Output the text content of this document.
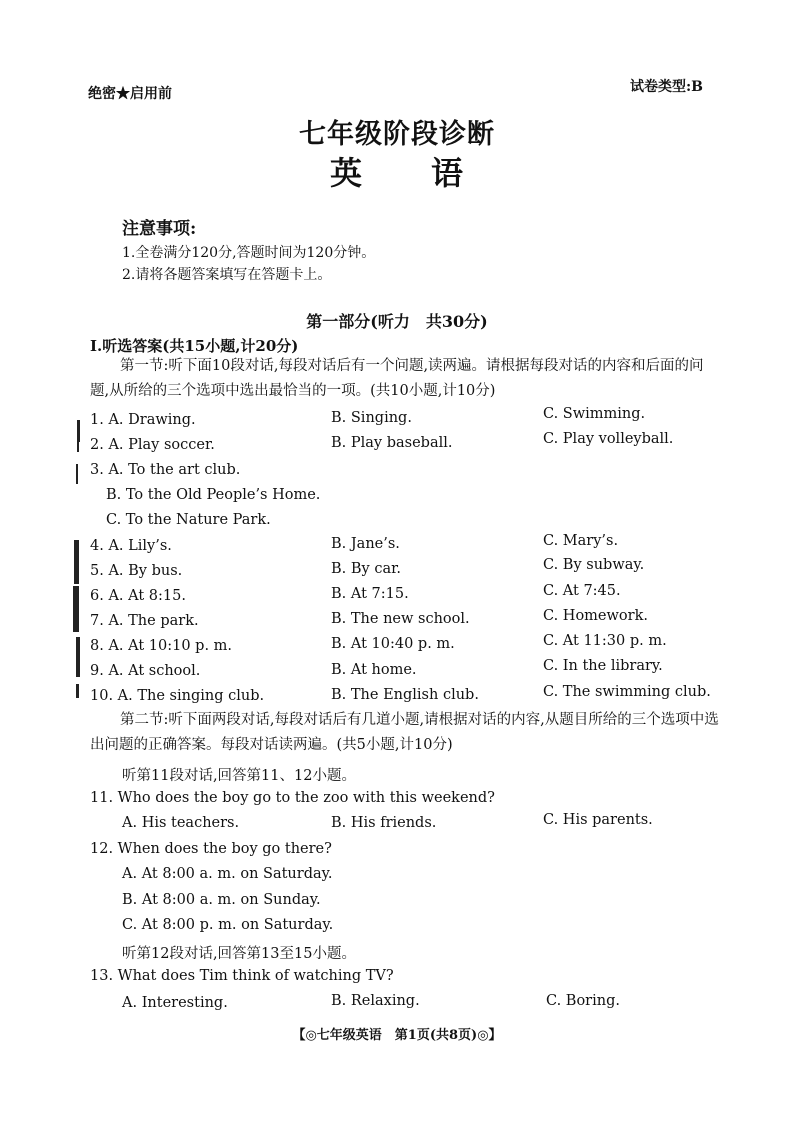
绝密★启用前	试卷类型:B
七年级阶段诊断
英 语
注意事项:
1.全卷满分120分,答题时间为120分钟。
2.请将各题答案填写在答题卡上。
第一部分(听力　共30分)
Ⅰ.听选答案(共15小题,计20分)
第一节:听下面10段对话,每段对话后有一个问题,读两遍。请根据每段对话的内容和后面的问题,从所给的三个选项中选出最恰当的一项。(共10小题,计10分)
1. A. Drawing.	B. Singing.	C. Swimming.
2. A. Play soccer.	B. Play baseball.	C. Play volleyball.
3. A. To the art club.
B. To the Old People’s Home.
C. To the Nature Park.
4. A. Lily’s.	B. Jane’s.	C. Mary’s.
5. A. By bus.	B. By car.	C. By subway.
6. A. At 8:15.	B. At 7:15.	C. At 7:45.
7. A. The park.	B. The new school.	C. Homework.
8. A. At 10:10 p. m.	B. At 10:40 p. m.	C. At 11:30 p. m.
9. A. At school.	B. At home.	C. In the library.
10. A. The singing club.	B. The English club.	C. The swimming club.
第二节:听下面两段对话,每段对话后有几道小题,请根据对话的内容,从题目所给的三个选项中选出问题的正确答案。每段对话读两遍。(共5小题,计10分)
听第11段对话,回答第11、12小题。
11. Who does the boy go to the zoo with this weekend?
A. His teachers.	B. His friends.	C. His parents.
12. When does the boy go there?
A. At 8:00 a. m. on Saturday.
B. At 8:00 a. m. on Sunday.
C. At 8:00 p. m. on Saturday.
听第12段对话,回答第13至15小题。
13. What does Tim think of watching TV?
A. Interesting.	B. Relaxing.	C. Boring.
【◎七年级英语　第1页(共8页)◎】
